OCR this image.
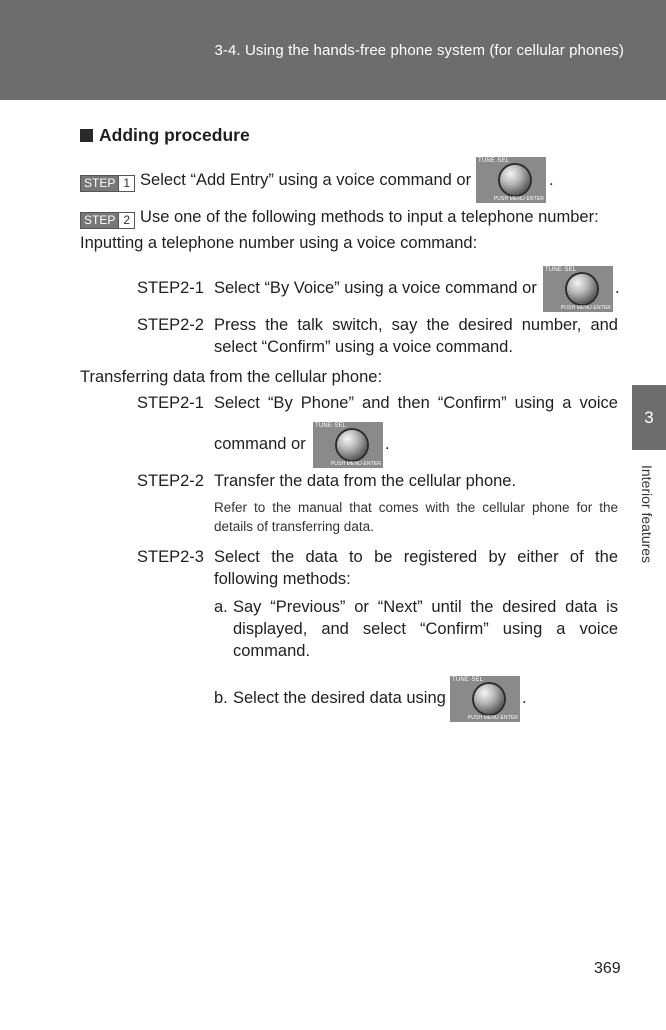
3-4. Using the hands-free phone system (for cellular phones)
3
Interior features
Adding procedure
STEP 1 Select “Add Entry” using a voice command or
TUNE·SEL
PUSH MENU·ENTER
.
STEP 2 Use one of the following methods to input a telephone number:
Inputting a telephone number using a voice command:
STEP2-1 Select “By Voice” using a voice command or
TUNE·SEL
PUSH MENU·ENTER
.
STEP2-2 Press the talk switch, say the desired number, and select “Confirm” using a voice command.
Transferring data from the cellular phone:
STEP2-1 Select “By Phone” and then “Confirm” using a voice
command or
TUNE·SEL
PUSH MENU·ENTER
.
STEP2-2 Transfer the data from the cellular phone.
Refer to the manual that comes with the cellular phone for the details of transferring data.
STEP2-3 Select the data to be registered by either of the following methods:
a. Say “Previous” or “Next” until the desired data is displayed, and select “Confirm” using a voice command.
b. Select the desired data using
TUNE·SEL
PUSH MENU·ENTER
.
369
